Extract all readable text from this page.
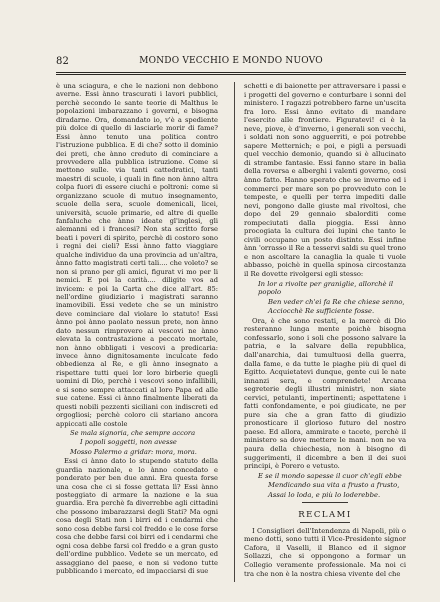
82	MONDO VECCHIO E MONDO NUOVO

è una sciagura, e che le nazioni non debbono averne. Essi ànno trascurati i lavori pubblici, perchè secondo le sante teorie di Malthus le popolazioni imbarazzano i governi, e bisogna diradarne. Ora, domandato io, v'è a spediente più dolce di quello di lasciarle morir di fame? Essi ànno tenuto una politica contro l'istruzione pubblica. E di che? sotto il dominio dei preti, che ànno creduto di cominciare a provvedere alla pubblica istruzione. Come si mettono sulle. via tanti cattedratici, tanti maestri di scuole, i quali in fine non ànno altra colpa fuori di essere ciuchi e poltroni: come si organizzano scuole di mutuo insegnamento, scuole della sera, scuole domenicali, licei, università, scuole primarie, ed altre di quelle fanfaluche che ànno ideate gl'inglesi, gli alemanni ed i francesi? Non sta scritto forse beati i poveri di spirito, perchè di costoro sono i regni dei cieli? Essi ànno fatto viaggiare qualche individuo da una provincia ad un'altra, ànno fatto magistrati certi tali.... che voleto? se non si prano per gli amici, figurat vi mo per li nemici. E poi la carità.... diligite vos ad invicem: e poi la Carta che dice all'art. 85: nell'ordine giudiziario i magistrati saranno inamovibili. Essi vedete che se un ministro deve cominciare dal violare lo statuto! Essi ànno poi ànno paolato nessun prete, non ànno dato nessun rimprovero ai vescovi ne ànno elevata la contrastazione a peccato mortale, non ànno obbligati i vescovi a predicaria: invece ànno dignitosamente inculcate fedo obbedienza al Re, e gli ànno insegnato a rispettare tutti quei lor loro birberie quegli uomini di Dio, perchè i vescovi sono infallibili, e si sono sempre attaccati al loro Papa ed alle sue catene. Essi ci ànno finalmente liberati da questi nobili pezzenti siciliani con indiscreti ed orgogliosi; perchè coloro cii stariano ancora appiccati alle costole

Se mala signoria, che sempre accora

I popoli soggetti, non avesse

Mosso Palermo a gridar: mora, mora.

Essi ci ànno dato lo stupendo statuto della guardia nazionale, e lo ànno concedato e ponderato per ben due anni. Era questa forse una cosa che ci si fosse gettata lì? Essi ànno posteggiato di armare la nazione e la sua guardia. Era perchè fa diverrebbe agli cittadini che possono imbarazzarsi degli Stati? Ma ogni cosa degli Stati non i birri ed i cendarmi che sono cosa debbe farsi col freddo e le cose forse cosa che debbe farsi coi birri ed i cendarmi che ogni cosa debbe farsi col freddo e a gran gusto dell'ordine pubblico. Vedete se un mercato, ed assaggiano del paese, e non si vedono tutte pubblicando i mercato, ed impacciarsi di sue

schetti e di baionette per attraversare i passi e i progetti del governo e conturbare i sonni del ministero. I ragazzi potrebbero farne un'uscita fra loro. Essi ànno evitato di mandare l'esercito alle frontiere. Figuratevi! ci è la neve, piove, è d'inverno, i generali son vecchi, i soldati non sono agguerriti, e poi potrebbe sapere Metternich; e poi, e pigli a persuadi quel vecchio demonio, quando si è allucinato di strambe fantasie. Essi fanno stare in balia della roversa e alberghi i valenti governo, cosi ànno fatto. Hanno sperato che se inverno ed i commerci per mare son po provveduto con le tempeste, e quelli per terra impediti dalle nevi, pongono dalle giuste mal rivoltosi, che dopo del 29 gennaio sbalorditi come rompeciutati dalla pioggia. Essi ànno procogiata la cultura dei lupini che tanto le civili occupano un posto distinto. Essi infine ànn 'orrasso il Re a tesservi saldi su quel trono e non ascoltare la canaglia la quale ti vuole abbasso, poichè in quella spinosa circostanza il Re dovette rivolgersi egli stesso:

In lor a rivolte per graniglie, allorchè il popolo

Ben veder ch'ei fa Re che chiese senno,

Acciocchè Re sufficiente fosse.

Ora, è che sono restati, e la mercè di Dio resteranno lunga mente poichè bisogna confessarlo, sono i soli che possono salvare la patria, e la salvare della repubblica, dall'anarchia, dai tumultuosi della guerra, dalla fame, e da tutte le piaghe più di quel di Egitto. Acquietatevi dunque, gente cui le nate innanzi sera, e comprendete! Arcana segreterie degli illustri ministri, non siate cervici, petulanti, impertinenti; aspettatene i fatti confondamente, e poi giudicate, ne per pure sia che a gran fatto di giudizio pronosticare il glorioso futuro del nostro paese. Ed allora, ammirate e tacete, perchè il ministero sa dove mettere le mani. non ne va paura della chiechesia, non à bisogno di suggerimenti, il dicembre a ben il dei suoi principi, è Porero e vetusto.

E se il mondo sapesse il cuor ch'egli ebbe

Mendicando sua vita a frusto a frusto,

Assai lo loda, e più lo loderebbe.

RECLAMI

I Consiglieri dell'Intendenza di Napoli, più o meno dotti, sono tutti il Vice-Presidente signor Cafora, il Vaselli, il Blanco ed il signor Sollazzi, che si oppongono a formar un Collegio veramente professionale. Ma noi ci tra che non è la nostra chiesa vivente del che
